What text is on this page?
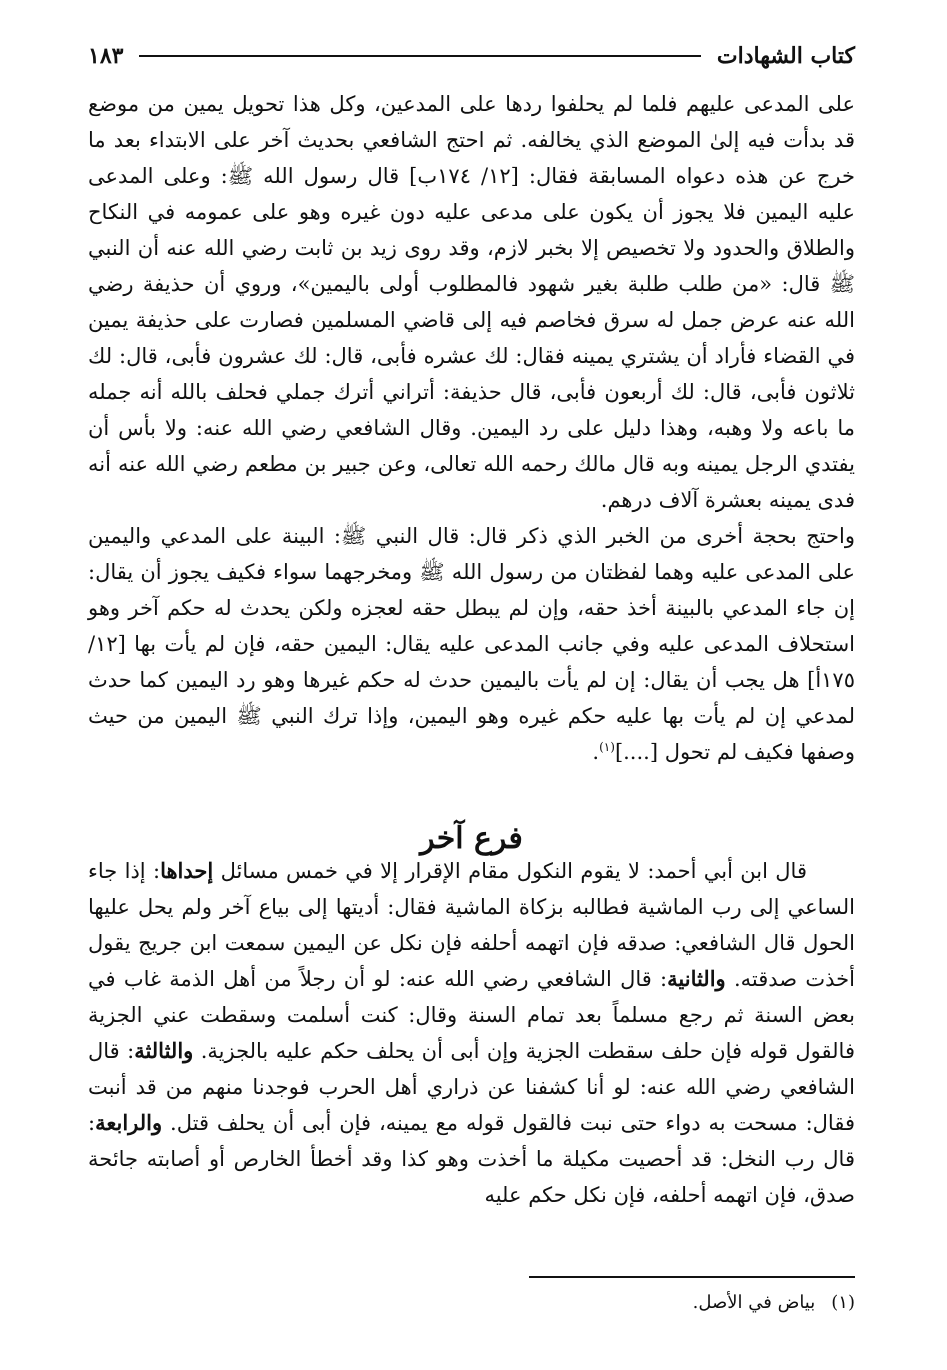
كتاب الشهادات
١٨٣

على المدعى عليهم فلما لم يحلفوا ردها على المدعين، وكل هذا تحويل يمين من موضع قد بدأت فيه إلىٰ الموضع الذي يخالفه. ثم احتج الشافعي بحديث آخر على الابتداء بعد ما خرج عن هذه دعواه المسابقة فقال: [١٢/ ١٧٤ب] قال رسول الله ﷺ: وعلى المدعى عليه اليمين فلا يجوز أن يكون على مدعى عليه دون غيره وهو على عمومه في النكاح والطلاق والحدود ولا تخصيص إلا بخبر لازم، وقد روى زيد بن ثابت رضي الله عنه أن النبي ﷺ قال: «من طلب طلبة بغير شهود فالمطلوب أولى باليمين»، وروي أن حذيفة رضي الله عنه عرض جمل له سرق فخاصم فيه إلى قاضي المسلمين فصارت على حذيفة يمين في القضاء فأراد أن يشتري يمينه فقال: لك عشره فأبى، قال: لك عشرون فأبى، قال: لك ثلاثون فأبى، قال: لك أربعون فأبى، قال حذيفة: أتراني أترك جملي فحلف بالله أنه جمله ما باعه ولا وهبه، وهذا دليل على رد اليمين. وقال الشافعي رضي الله عنه: ولا بأس أن يفتدي الرجل يمينه وبه قال مالك رحمه الله تعالى، وعن جبير بن مطعم رضي الله عنه أنه فدى يمينه بعشرة آلاف درهم.

واحتج بحجة أخرى من الخبر الذي ذكر قال: قال النبي ﷺ: البينة على المدعي واليمين على المدعى عليه وهما لفظتان من رسول الله ﷺ ومخرجهما سواء فكيف يجوز أن يقال: إن جاء المدعي بالبينة أخذ حقه، وإن لم يبطل حقه لعجزه ولكن يحدث له حكم آخر وهو استحلاف المدعى عليه وفي جانب المدعى عليه يقال: اليمين حقه، فإن لم يأت بها [١٢/ ١٧٥أ] هل يجب أن يقال: إن لم يأت باليمين حدث له حكم غيرها وهو رد اليمين كما حدث لمدعي إن لم يأت بها عليه حكم غيره وهو اليمين، وإذا ترك النبي ﷺ اليمين من حيث وصفها فكيف لم تحول [....]$^{(١)}$.

فرع آخر

قال ابن أبي أحمد: لا يقوم النكول مقام الإقرار إلا في خمس مسائل إحداها: إذا جاء الساعي إلى رب الماشية فطالبه بزكاة الماشية فقال: أديتها إلى بياع آخر ولم يحل عليها الحول قال الشافعي: صدقه فإن اتهمه أحلفه فإن نكل عن اليمين سمعت ابن جريج يقول أخذت صدقته. والثانية: قال الشافعي رضي الله عنه: لو أن رجلاً من أهل الذمة غاب في بعض السنة ثم رجع مسلماً بعد تمام السنة وقال: كنت أسلمت وسقطت عني الجزية فالقول قوله فإن حلف سقطت الجزية وإن أبى أن يحلف حكم عليه بالجزية. والثالثة: قال الشافعي رضي الله عنه: لو أنا كشفنا عن ذراري أهل الحرب فوجدنا منهم من قد أنبت فقال: مسحت به دواء حتى نبت فالقول قوله مع يمينه، فإن أبى أن يحلف قتل. والرابعة: قال رب النخل: قد أحصيت مكيلة ما أخذت وهو كذا وقد أخطأ الخارص أو أصابته جائحة صدق، فإن اتهمه أحلفه، فإن نكل حكم عليه

(١)بياض في الأصل.
